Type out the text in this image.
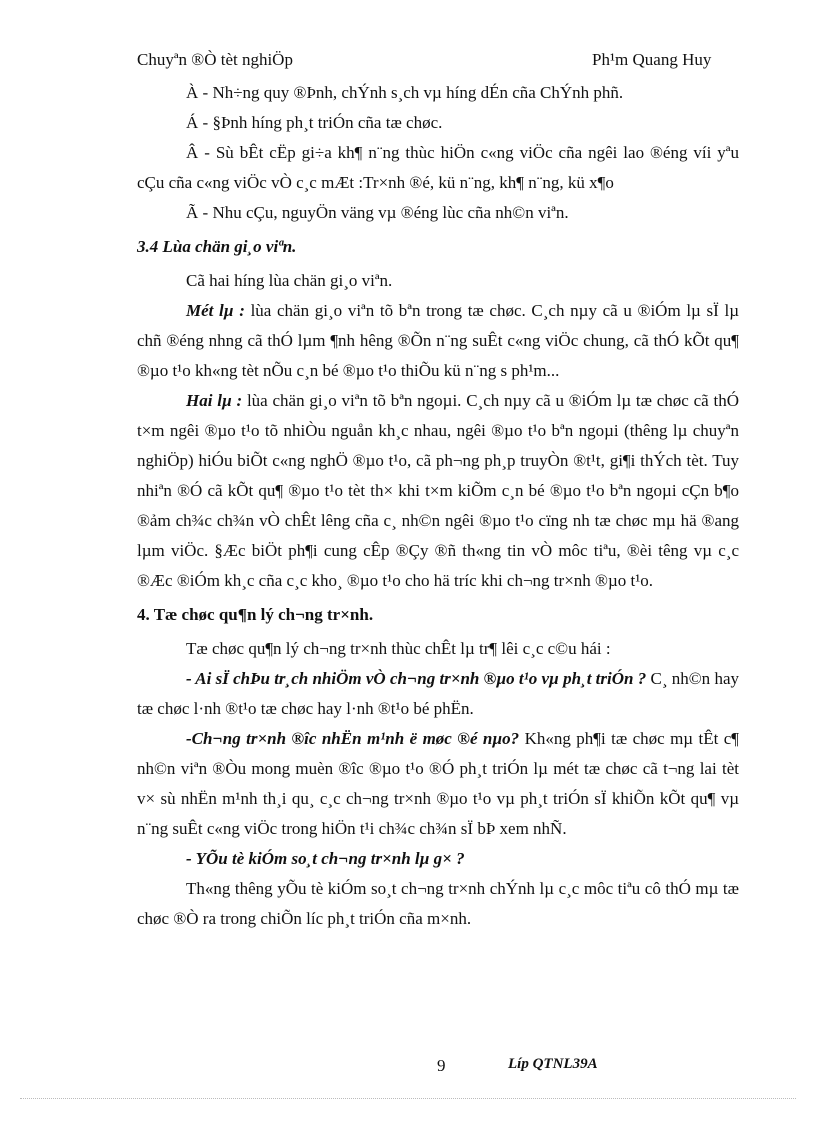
Chuyªn ®Ò tèt nghiÖp	Ph¹m Quang Huy

À - Nh÷ng quy ®Þnh, chÝnh s¸ch vµ híng dÉn cña ChÝnh phñ.

Á - §Þnh híng ph¸t triÓn cña tæ chøc.

Â - Sù bÊt cËp gi÷a kh¶ n¨ng thùc hiÖn c«ng viÖc cña ngêi lao ®éng víi yªu cÇu cña c«ng viÖc vÒ c¸c mÆt :Tr×nh ®é, kü n¨ng, kh¶ n¨ng, kü x¶o

Ã - Nhu cÇu, nguyÖn väng vµ ®éng lùc cña nh©n viªn.

3.4 Lùa chän gi¸o viªn.

Cã hai híng lùa chän gi¸o viªn.

Mét lµ : lùa chän gi¸o viªn tõ bªn trong tæ chøc. C¸ch nµy cã u ®iÓm lµ sÏ lµ chñ ®éng nhng cã thÓ lµm ¶nh hêng ®Õn n¨ng suÊt c«ng viÖc chung, cã thÓ kÕt qu¶ ®µo t¹o kh«ng tèt nÕu c¸n bé ®µo t¹o thiÕu kü n¨ng s ph¹m...

Hai lµ : lùa chän gi¸o viªn tõ bªn ngoµi. C¸ch nµy cã u ®iÓm lµ tæ chøc cã thÓ t×m ngêi ®µo t¹o tõ nhiÒu nguån kh¸c nhau, ngêi ®µo t¹o bªn ngoµi (thêng lµ chuyªn nghiÖp) hiÓu biÕt c«ng nghÖ ®µo t¹o, cã ph¬ng ph¸p truyÒn ®t¹t, gi¶i thÝch tèt. Tuy nhiªn ®Ó cã kÕt qu¶ ®µo t¹o tèt th× khi t×m kiÕm c¸n bé ®µo t¹o bªn ngoµi cÇn b¶o ®ảm ch¾c ch¾n vÒ chÊt lêng cña c¸ nh©n ngêi ®µo t¹o cïng nh tæ chøc mµ hä ®ang lµm viÖc. §Æc biÖt ph¶i cung cÊp ®Çy ®ñ th«ng tin vÒ môc tiªu, ®èi têng vµ c¸c ®Æc ®iÓm kh¸c cña c¸c kho¸ ®µo t¹o cho hä tríc khi ch¬ng tr×nh ®µo t¹o.

4. Tæ chøc qu¶n lý ch¬ng tr×nh.

Tæ chøc qu¶n lý ch¬ng tr×nh thùc chÊt lµ tr¶ lêi c¸c c©u hái :

- Ai sÏ chÞu tr¸ch nhiÖm vÒ ch¬ng tr×nh ®µo t¹o vµ ph¸t triÓn ? C¸ nh©n hay tæ chøc l·nh ®t¹o tæ chøc hay l·nh ®t¹o bé phËn.

-Ch¬ng tr×nh ®îc nhËn m¹nh ë møc ®é nµo? Kh«ng ph¶i tæ chøc mµ tÊt c¶ nh©n viªn ®Òu mong muèn ®îc ®µo t¹o ®Ó ph¸t triÓn lµ mét tæ chøc cã t¬ng lai tèt v× sù nhËn m¹nh th¸i qu¸ c¸c ch¬ng tr×nh ®µo t¹o vµ ph¸t triÓn sÏ khiÕn kÕt qu¶ vµ n¨ng suÊt c«ng viÖc trong hiÖn t¹i ch¾c ch¾n sÏ bÞ xem nhÑ.

- YÕu tè kiÓm so¸t ch¬ng tr×nh lµ g× ?

Th«ng thêng yÕu tè kiÓm so¸t ch¬ng tr×nh chÝnh lµ c¸c môc tiªu cô thÓ mµ tæ chøc ®Ò ra trong chiÕn líc ph¸t triÓn cña m×nh.

9	Líp QTNL39A
